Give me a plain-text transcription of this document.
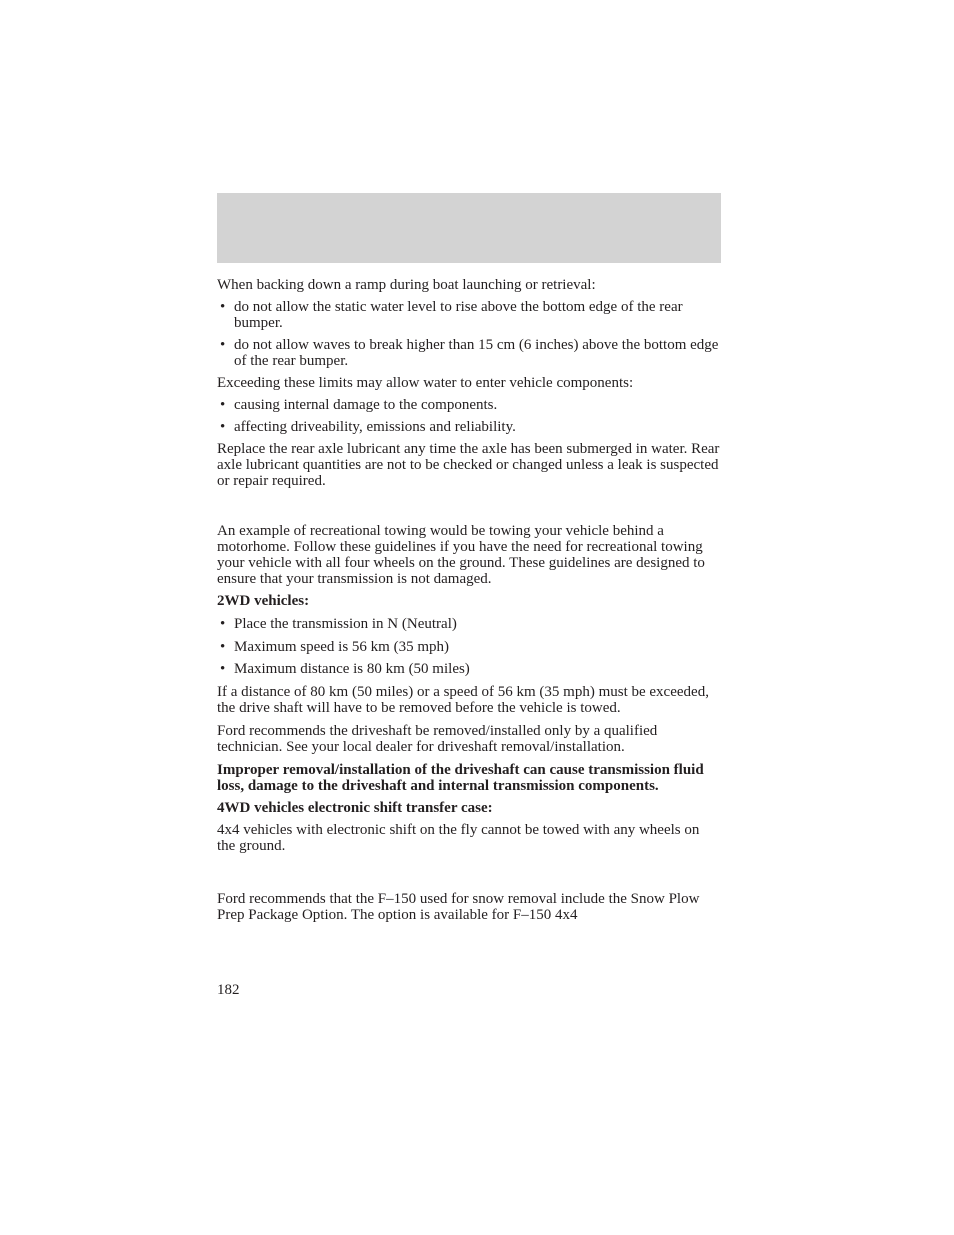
When backing down a ramp during boat launching or retrieval:

• do not allow the static water level to rise above the bottom edge of the rear bumper.
• do not allow waves to break higher than 15 cm (6 inches) above the bottom edge of the rear bumper.

Exceeding these limits may allow water to enter vehicle components:

• causing internal damage to the components.
• affecting driveability, emissions and reliability.

Replace the rear axle lubricant any time the axle has been submerged in water. Rear axle lubricant quantities are not to be checked or changed unless a leak is suspected or repair required.

An example of recreational towing would be towing your vehicle behind a motorhome. Follow these guidelines if you have the need for recreational towing your vehicle with all four wheels on the ground. These guidelines are designed to ensure that your transmission is not damaged.

2WD vehicles:

• Place the transmission in N (Neutral)
• Maximum speed is 56 km (35 mph)
• Maximum distance is 80 km (50 miles)

If a distance of 80 km (50 miles) or a speed of 56 km (35 mph) must be exceeded, the drive shaft will have to be removed before the vehicle is towed.

Ford recommends the driveshaft be removed/installed only by a qualified technician. See your local dealer for driveshaft removal/installation.

Improper removal/installation of the driveshaft can cause transmission fluid loss, damage to the driveshaft and internal transmission components.

4WD vehicles electronic shift transfer case:

4x4 vehicles with electronic shift on the fly cannot be towed with any wheels on the ground.

Ford recommends that the F–150 used for snow removal include the Snow Plow Prep Package Option. The option is available for F–150 4x4

182
